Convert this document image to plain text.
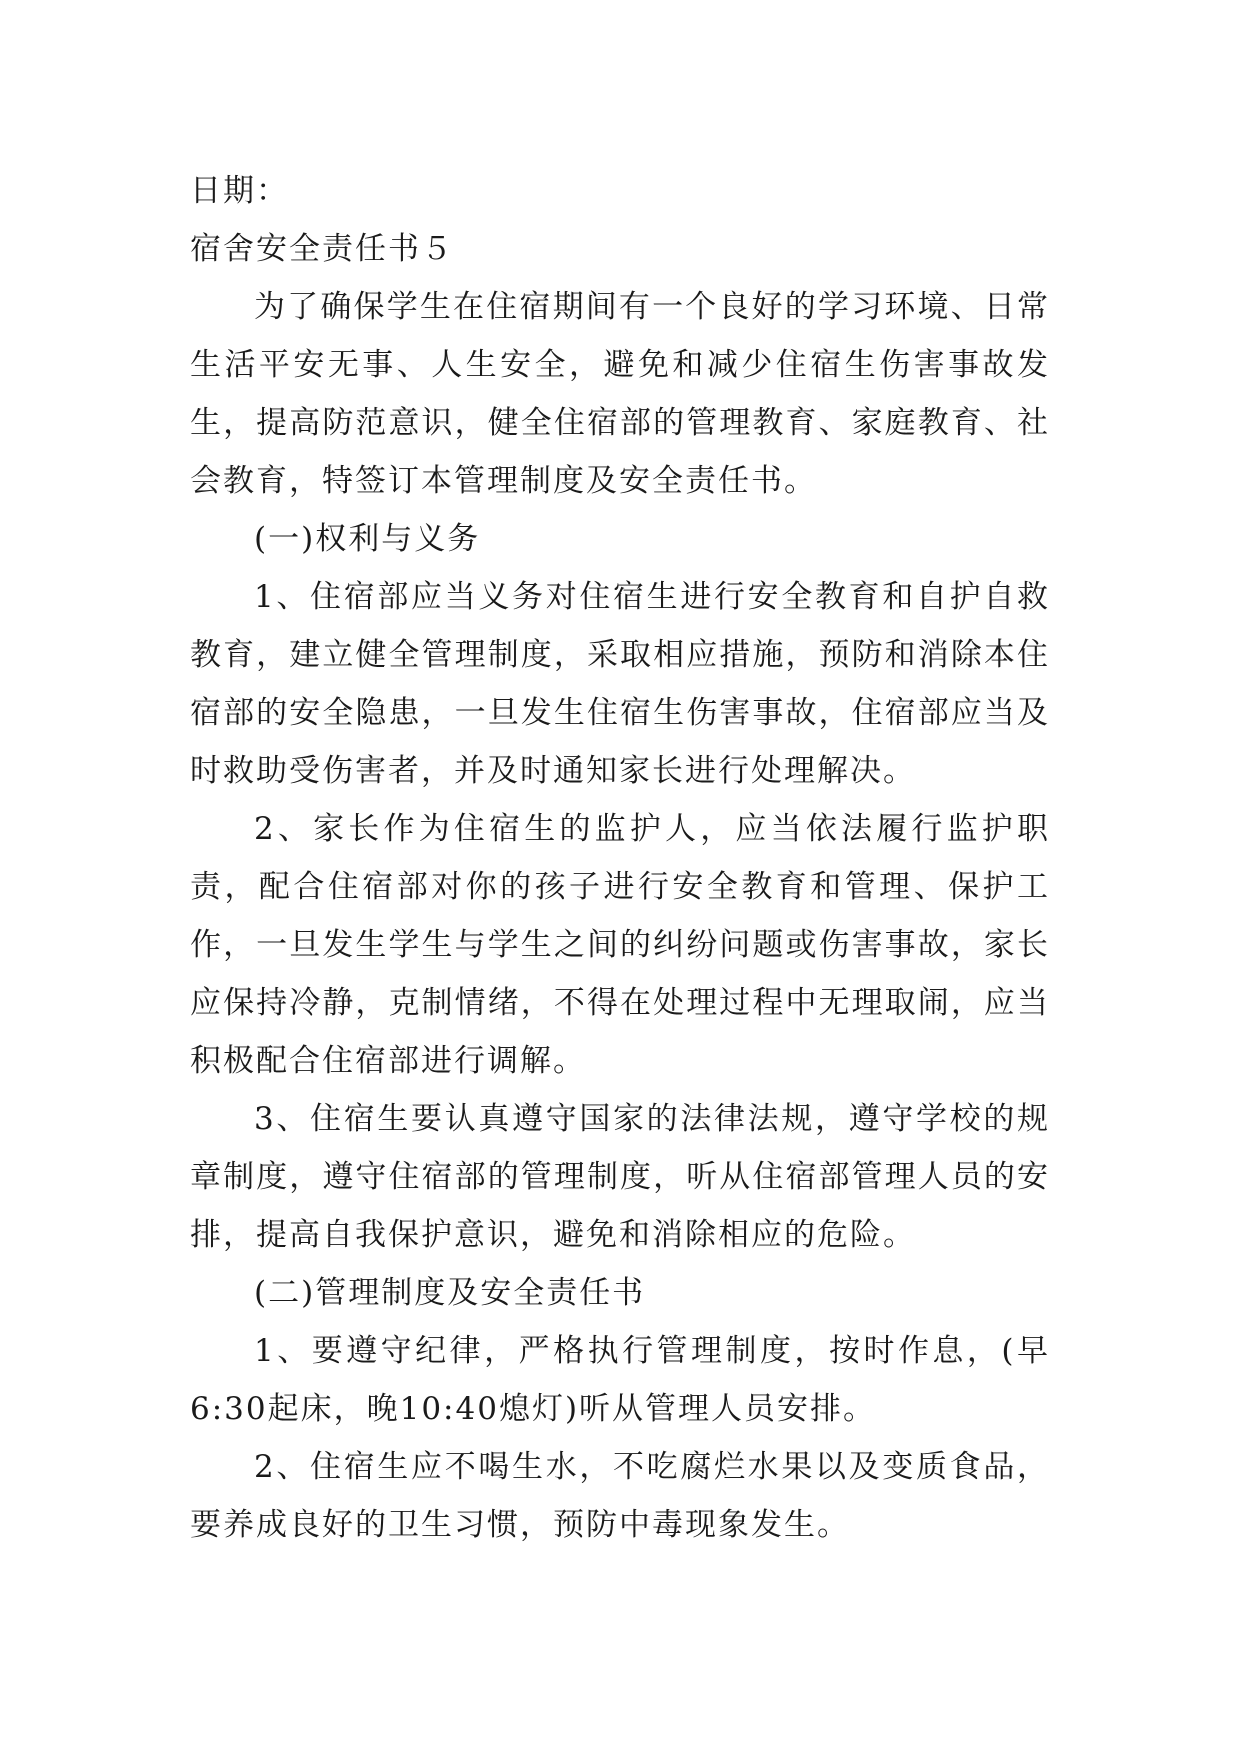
日期：

宿舍安全责任书５

为了确保学生在住宿期间有一个良好的学习环境、日常生活平安无事、人生安全，避免和减少住宿生伤害事故发生，提高防范意识，健全住宿部的管理教育、家庭教育、社会教育，特签订本管理制度及安全责任书。

(一)权利与义务

1、住宿部应当义务对住宿生进行安全教育和自护自救教育，建立健全管理制度，采取相应措施，预防和消除本住宿部的安全隐患，一旦发生住宿生伤害事故，住宿部应当及时救助受伤害者，并及时通知家长进行处理解决。

2、家长作为住宿生的监护人，应当依法履行监护职责，配合住宿部对你的孩子进行安全教育和管理、保护工作，一旦发生学生与学生之间的纠纷问题或伤害事故，家长应保持冷静，克制情绪，不得在处理过程中无理取闹，应当积极配合住宿部进行调解。

3、住宿生要认真遵守国家的法律法规，遵守学校的规章制度，遵守住宿部的管理制度，听从住宿部管理人员的安排，提高自我保护意识，避免和消除相应的危险。

(二)管理制度及安全责任书

1、要遵守纪律，严格执行管理制度，按时作息，(早6:30起床，晚10:40熄灯)听从管理人员安排。

2、住宿生应不喝生水，不吃腐烂水果以及变质食品，要养成良好的卫生习惯，预防中毒现象发生。
